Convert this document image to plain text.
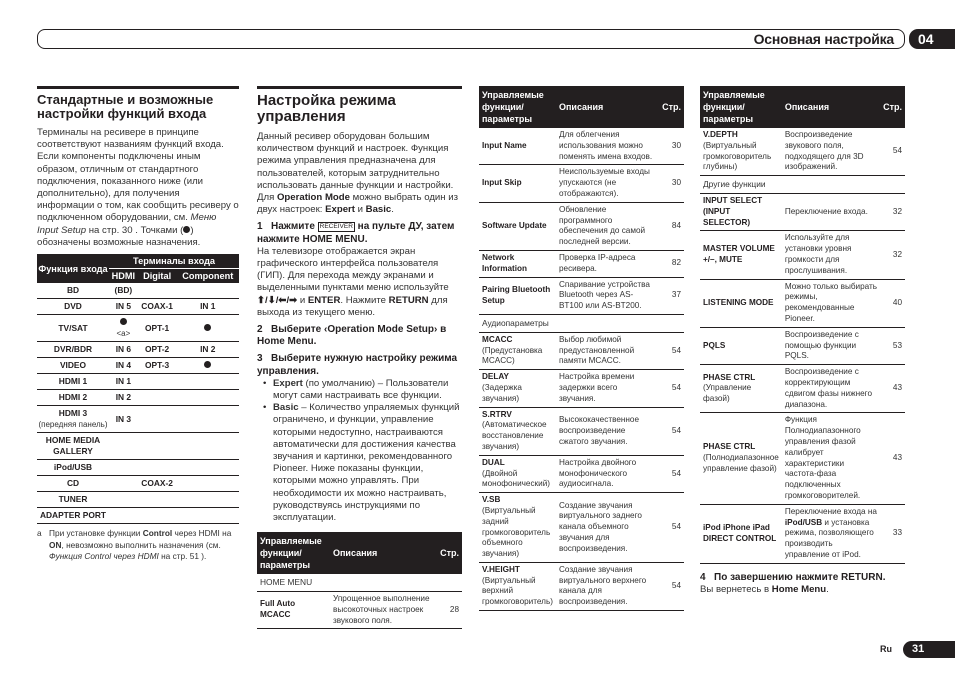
Основная настройка	04
Стандартные и возможные настройки функций входа

Терминалы на ресивере в принципе соответствуют названиям функций входа. Если компоненты подключены иным образом, отличным от стандартного подключения, показанного ниже (или дополнительно), для получения информации о том, как сообщить ресиверу о подключенном оборудовании, см. Меню Input Setup на стр. 30 . Точками ( ) обозначены возможные назначения.

Функция входа	Терминалы входа		
	HDMI	Digital	Component

BD	(BD)		

DVD	IN 5	COAX-1	IN 1

TV/SAT	<a>	OPT-1	

DVR/BDR	IN 6	OPT-2	IN 2

VIDEO	IN 4	OPT-3	

HDMI 1	IN 1		

HDMI 2	IN 2		

HDMI 3
(передняя панель)	IN 3		

HOME MEDIA GALLERY			

iPod/USB			

CD		COAX-2	

TUNER			

ADAPTER PORT			

a При установке функции Control через HDMI на ON, невозможно выполнить назначения (см. Функция Control через HDMI на стр. 51 ).
Настройка режима управления

Данный ресивер оборудован большим количеством функций и настроек. Функция режима управления предназначена для пользователей, которым затруднительно использовать данные функции и настройки. Для Operation Mode можно выбрать один из двух настроек: Expert и Basic.

1 Нажмите RECEIVER на пульте ДУ, затем нажмите HOME MENU.

На телевизоре отображается экран графического интерфейса пользователя (ГИП). Для перехода между экранами и выделенными пунктами меню используйте ⬆/⬇/⬅/➡ и ENTER. Нажмите RETURN для выхода из текущего меню.

2 Выберите ‹Operation Mode Setup› в Home Menu.
3 Выберите нужную настройку режима управления.
• Expert (по умолчанию) – Пользователи могут сами настраивать все функции.
• Basic – Количество упраляемых функций ограничено, и функции, управление которыми недоступно, настраиваются автоматически для достижения качества звучания и картинки, рекомендованного Pioneer. Ниже показаны функции, которыми можно управлять. При необходимости их можно настраивать, руководствуясь инструкциями по эксплуатации.
Управляемые функции/ параметры	Описания	Стр.
HOME MENU		

Full Auto MCACC	Упрощенное выполнение высокоточных настроек звукового поля.	28
Управляемые функции/ параметры	Описания	Стр.

Input Name	Для облегчения использования можно поменять имена входов.	30

Input Skip	Неиспользуемые входы упускаются (не отображаются).	30

Software Update	Обновление программного обеспечения до самой последней версии.	84

Network Information	Проверка IP-адреса ресивера.	82

Pairing Bluetooth Setup	Спаривание устройства Bluetooth через AS-BT100 или AS-BT200.	37
Аудиопараметры		

MCACC
(Предустановка MCACC)	Выбор любимой предустановленной памяти MCACC.	54

DELAY
(Задержка звучания)	Настройка времени задержки всего звучания.	54

S.RTRV
(Автоматическое восстановление звучания)	Высококачественное воспроизведение сжатого звучания.	54

DUAL
(Двойной монофонический)	Настройка двойного монофонического аудиосигнала.	54

V.SB
(Виртуальный задний громкоговоритель объемного звучания)	Создание звучания виртуального заднего канала объемного звучания для воспроизведения.	54

V.HEIGHT
(Виртуальный верхний громкоговоритель)	Создание звучания виртуального верхнего канала для воспроизведения.	54
Управляемые функции/ параметры	Описания	Стр.

V.DEPTH
(Виртуальный громкоговоритель глубины)	Воспроизведение звукового поля, подходящего для 3D изображений.	54
Другие функции		

INPUT SELECT (INPUT SELECTOR)	Переключение входа.	32

MASTER VOLUME +/–, MUTE	Используйте для установки уровня громкости для прослушивания.	32

LISTENING MODE	Можно только выбирать режимы, рекомендованные Pioneer.	40

PQLS	Воспроизведение с помощью функции PQLS.	53

PHASE CTRL
(Управление фазой)	Воспроизведение с корректирующим сдвигом фазы нижнего диапазона.	43

PHASE CTRL
(Полнодиапазонное управление фазой)	Функция Полнодиапазонного управления фазой калибрует характеристики частота-фаза подключенных громкоговорителей.	43

iPod iPhone iPad DIRECT CONTROL	Переключение входа на iPod/USB и установка режима, позволяющего производить управление от iPod.	33
4 По завершению нажмите RETURN.

Вы вернетесь в Home Menu.

Ru	31
